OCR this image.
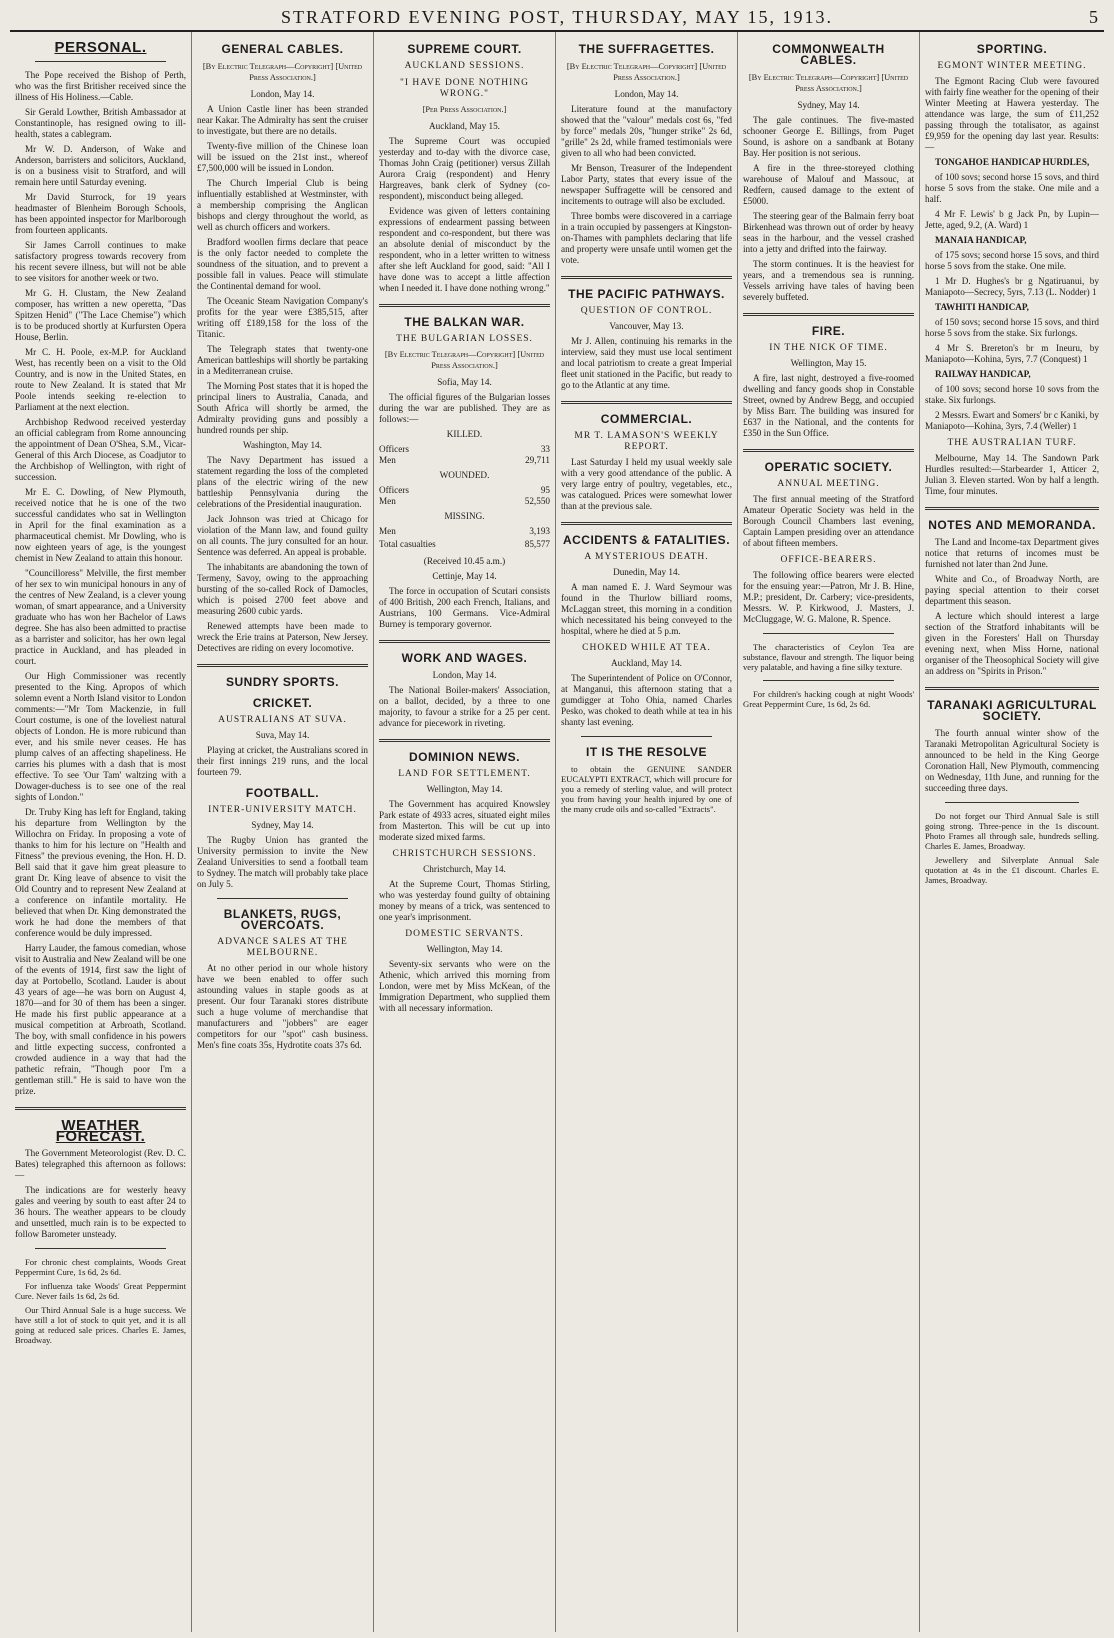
STRATFORD EVENING POST, THURSDAY, MAY 15, 1913.	5
PERSONAL.

The Pope received the Bishop of Perth, who was the first Britisher received since the illness of His Holiness.—Cable.

Sir Gerald Lowther, British Ambassador at Constantinople, has resigned owing to ill-health, states a cablegram.

Mr W. D. Anderson, of Wake and Anderson, barristers and solicitors, Auckland, is on a business visit to Stratford, and will remain here until Saturday evening.

Mr David Sturrock, for 19 years headmaster of Blenheim Borough Schools, has been appointed inspector for Marlborough from fourteen applicants.

Sir James Carroll continues to make satisfactory progress towards recovery from his recent severe illness, but will not be able to see visitors for another week or two.

Mr G. H. Clustam, the New Zealand composer, has written a new operetta, "Das Spitzen Henid" ("The Lace Chemise") which is to be produced shortly at Kurfursten Opera House, Berlin.

Mr C. H. Poole, ex-M.P. for Auckland West, has recently been on a visit to the Old Country, and is now in the United States, en route to New Zealand. It is stated that Mr Poole intends seeking re-election to Parliament at the next election.

Archbishop Redwood received yesterday an official cablegram from Rome announcing the appointment of Dean O'Shea, S.M., Vicar-General of this Arch Diocese, as Coadjutor to the Archbishop of Wellington, with right of succession.

Mr E. C. Dowling, of New Plymouth, received notice that he is one of the two successful candidates who sat in Wellington in April for the final examination as a pharmaceutical chemist. Mr Dowling, who is now eighteen years of age, is the youngest chemist in New Zealand to attain this honour.

"Councilloress" Melville, the first member of her sex to win municipal honours in any of the centres of New Zealand, is a clever young woman, of smart appearance, and a University graduate who has won her Bachelor of Laws degree. She has also been admitted to practise as a barrister and solicitor, has her own legal practice in Auckland, and has pleaded in court.

Our High Commissioner was recently presented to the King. Apropos of which solemn event a North Island visitor to London comments:—"Mr Tom Mackenzie, in full Court costume, is one of the loveliest natural objects of London. He is more rubicund than ever, and his smile never ceases. He has plump calves of an affecting shapeliness. He carries his plumes with a dash that is most effective. To see 'Our Tam' waltzing with a Dowager-duchess is to see one of the real sights of London."

Dr. Truby King has left for England, taking his departure from Wellington by the Willochra on Friday. In proposing a vote of thanks to him for his lecture on "Health and Fitness" the previous evening, the Hon. H. D. Bell said that it gave him great pleasure to grant Dr. King leave of absence to visit the Old Country and to represent New Zealand at a conference on infantile mortality. He believed that when Dr. King demonstrated the work he had done the members of that conference would be duly impressed.

Harry Lauder, the famous comedian, whose visit to Australia and New Zealand will be one of the events of 1914, first saw the light of day at Portobello, Scotland. Lauder is about 43 years of age—he was born on August 4, 1870—and for 30 of them has been a singer. He made his first public appearance at a musical competition at Arbroath, Scotland. The boy, with small confidence in his powers and little expecting success, confronted a crowded audience in a way that had the pathetic refrain, "Though poor I'm a gentleman still." He is said to have won the prize.

WEATHER FORECAST.

The Government Meteorologist (Rev. D. C. Bates) telegraphed this afternoon as follows:—

The indications are for westerly heavy gales and veering by south to east after 24 to 36 hours. The weather appears to be cloudy and unsettled, much rain is to be expected to follow Barometer unsteady.

For chronic chest complaints, Woods Great Peppermint Cure, 1s 6d, 2s 6d.

For influenza take Woods' Great Peppermint Cure. Never fails 1s 6d, 2s 6d.

Our Third Annual Sale is a huge success. We have still a lot of stock to quit yet, and it is all going at reduced sale prices. Charles E. James, Broadway.

GENERAL CABLES.
[By Electric Telegraph—Copyright] [United Press Association.]
London, May 14.

A Union Castle liner has been stranded near Kakar. The Admiralty has sent the cruiser to investigate, but there are no details.

Twenty-five million of the Chinese loan will be issued on the 21st inst., whereof £7,500,000 will be issued in London.

The Church Imperial Club is being influentially established at Westminster, with a membership comprising the Anglican bishops and clergy throughout the world, as well as church officers and workers.

Bradford woollen firms declare that peace is the only factor needed to complete the soundness of the situation, and to prevent a possible fall in values. Peace will stimulate the Continental demand for wool.

The Oceanic Steam Navigation Company's profits for the year were £385,515, after writing off £189,158 for the loss of the Titanic.

The Telegraph states that twenty-one American battleships will shortly be partaking in a Mediterranean cruise.

The Morning Post states that it is hoped the principal liners to Australia, Canada, and South Africa will shortly be armed, the Admiralty providing guns and possibly a hundred rounds per ship.

Washington, May 14.

The Navy Department has issued a statement regarding the loss of the completed plans of the electric wiring of the new battleship Pennsylvania during the celebrations of the Presidential inauguration.

Jack Johnson was tried at Chicago for violation of the Mann law, and found guilty on all counts. The jury consulted for an hour. Sentence was deferred. An appeal is probable.

The inhabitants are abandoning the town of Termeny, Savoy, owing to the approaching bursting of the so-called Rock of Damocles, which is poised 2700 feet above and measuring 2600 cubic yards.

Renewed attempts have been made to wreck the Erie trains at Paterson, New Jersey. Detectives are riding on every locomotive.

SUNDRY SPORTS.
CRICKET.
AUSTRALIANS AT SUVA.
Suva, May 14.

Playing at cricket, the Australians scored in their first innings 219 runs, and the local fourteen 79.

FOOTBALL.
INTER-UNIVERSITY MATCH.
Sydney, May 14.

The Rugby Union has granted the University permission to invite the New Zealand Universities to send a football team to Sydney. The match will probably take place on July 5.

BLANKETS, RUGS, OVERCOATS.
ADVANCE SALES AT THE MELBOURNE.

At no other period in our whole history have we been enabled to offer such astounding values in staple goods as at present. Our four Taranaki stores distribute such a huge volume of merchandise that manufacturers and "jobbers" are eager competitors for our "spot" cash business. Men's fine coats 35s, Hydrotite coats 37s 6d.

SUPREME COURT.
AUCKLAND SESSIONS.
"I HAVE DONE NOTHING WRONG."
[Per Press Association.]
Auckland, May 15.

The Supreme Court was occupied yesterday and to-day with the divorce case, Thomas John Craig (petitioner) versus Zillah Aurora Craig (respondent) and Henry Hargreaves, bank clerk of Sydney (co-respondent), misconduct being alleged.

Evidence was given of letters containing expressions of endearment passing between respondent and co-respondent, but there was an absolute denial of misconduct by the respondent, who in a letter written to witness after she left Auckland for good, said: "All I have done was to accept a little affection when I needed it. I have done nothing wrong."

THE BALKAN WAR.
THE BULGARIAN LOSSES.
[By Electric Telegraph—Copyright] [United Press Association.]
Sofia, May 14.

The official figures of the Bulgarian losses during the war are published. They are as follows:—

KILLED.
Officers	33
Men	29,711
WOUNDED.
Officers	95
Men	52,550
MISSING.
Men	3,193
Total casualties	85,577
(Received 10.45 a.m.)
Cettinje, May 14.

The force in occupation of Scutari consists of 400 British, 200 each French, Italians, and Austrians, 100 Germans. Vice-Admiral Burney is temporary governor.

WORK AND WAGES.
London, May 14.

The National Boiler-makers' Association, on a ballot, decided, by a three to one majority, to favour a strike for a 25 per cent. advance for piecework in riveting.

DOMINION NEWS.
LAND FOR SETTLEMENT.
Wellington, May 14.

The Government has acquired Knowsley Park estate of 4933 acres, situated eight miles from Masterton. This will be cut up into moderate sized mixed farms.

CHRISTCHURCH SESSIONS.
Christchurch, May 14.

At the Supreme Court, Thomas Stirling, who was yesterday found guilty of obtaining money by means of a trick, was sentenced to one year's imprisonment.

DOMESTIC SERVANTS.
Wellington, May 14.

Seventy-six servants who were on the Athenic, which arrived this morning from London, were met by Miss McKean, of the Immigration Department, who supplied them with all necessary information.

THE SUFFRAGETTES.
[By Electric Telegraph—Copyright] [United Press Association.]
London, May 14.

Literature found at the manufactory showed that the "valour" medals cost 6s, "fed by force" medals 20s, "hunger strike" 2s 6d, "grille" 2s 2d, while framed testimonials were given to all who had been convicted.

Mr Benson, Treasurer of the Independent Labor Party, states that every issue of the newspaper Suffragette will be censored and incitements to outrage will also be excluded.

Three bombs were discovered in a carriage in a train occupied by passengers at Kingston-on-Thames with pamphlets declaring that life and property were unsafe until women get the vote.

THE PACIFIC PATHWAYS.
QUESTION OF CONTROL.
Vancouver, May 13.

Mr J. Allen, continuing his remarks in the interview, said they must use local sentiment and local patriotism to create a great Imperial fleet unit stationed in the Pacific, but ready to go to the Atlantic at any time.

COMMERCIAL.
MR T. LAMASON'S WEEKLY REPORT.

Last Saturday I held my usual weekly sale with a very good attendance of the public. A very large entry of poultry, vegetables, etc., was catalogued. Prices were somewhat lower than at the previous sale.

ACCIDENTS & FATALITIES.
A MYSTERIOUS DEATH.
Dunedin, May 14.

A man named E. J. Ward Seymour was found in the Thurlow billiard rooms, McLaggan street, this morning in a condition which necessitated his being conveyed to the hospital, where he died at 5 p.m.

CHOKED WHILE AT TEA.
Auckland, May 14.

The Superintendent of Police on O'Connor, at Manganui, this afternoon stating that a gumdigger at Toho Ohia, named Charles Pesko, was choked to death while at tea in his shanty last evening.

IT IS THE RESOLVE

to obtain the GENUINE SANDER EUCALYPTI EXTRACT, which will procure for you a remedy of sterling value, and will protect you from having your health injured by one of the many crude oils and so-called "Extracts".

COMMONWEALTH CABLES.
[By Electric Telegraph—Copyright] [United Press Association.]
Sydney, May 14.

The gale continues. The five-masted schooner George E. Billings, from Puget Sound, is ashore on a sandbank at Botany Bay. Her position is not serious.

A fire in the three-storeyed clothing warehouse of Malouf and Massouc, at Redfern, caused damage to the extent of £5000.

The steering gear of the Balmain ferry boat Birkenhead was thrown out of order by heavy seas in the harbour, and the vessel crashed into a jetty and drifted into the fairway.

The storm continues. It is the heaviest for years, and a tremendous sea is running. Vessels arriving have tales of having been severely buffeted.

FIRE.
IN THE NICK OF TIME.
Wellington, May 15.

A fire, last night, destroyed a five-roomed dwelling and fancy goods shop in Constable Street, owned by Andrew Begg, and occupied by Miss Barr. The building was insured for £637 in the National, and the contents for £350 in the Sun Office.

OPERATIC SOCIETY.
ANNUAL MEETING.

The first annual meeting of the Stratford Amateur Operatic Society was held in the Borough Council Chambers last evening, Captain Lampen presiding over an attendance of about fifteen members.

OFFICE-BEARERS.

The following office bearers were elected for the ensuing year:—Patron, Mr J. B. Hine, M.P.; president, Dr. Carbery; vice-presidents, Messrs. W. P. Kirkwood, J. Masters, J. McCluggage, W. G. Malone, R. Spence.

The characteristics of Ceylon Tea are substance, flavour and strength. The liquor being very palatable, and having a fine silky texture.

For children's hacking cough at night Woods' Great Peppermint Cure, 1s 6d, 2s 6d.

SPORTING.
EGMONT WINTER MEETING.

The Egmont Racing Club were favoured with fairly fine weather for the opening of their Winter Meeting at Hawera yesterday. The attendance was large, the sum of £11,252 passing through the totalisator, as against £9,959 for the opening day last year. Results:—

TONGAHOE HANDICAP HURDLES,

of 100 sovs; second horse 15 sovs, and third horse 5 sovs from the stake. One mile and a half.

4 Mr F. Lewis' b g Jack Pn, by Lupin—Jette, aged, 9.2, (A. Ward) 1

MANAIA HANDICAP,

of 175 sovs; second horse 15 sovs, and third horse 5 sovs from the stake. One mile.

1 Mr D. Hughes's br g Ngatiruanui, by Maniapoto—Secrecy, 5yrs, 7.13 (L. Nodder) 1

TAWHITI HANDICAP,

of 150 sovs; second horse 15 sovs, and third horse 5 sovs from the stake. Six furlongs.

4 Mr S. Brereton's br m Ineuru, by Maniapoto—Kohina, 5yrs, 7.7 (Conquest) 1

RAILWAY HANDICAP,

of 100 sovs; second horse 10 sovs from the stake. Six furlongs.

2 Messrs. Ewart and Somers' br c Kaniki, by Maniapoto—Kohina, 3yrs, 7.4 (Weller) 1

THE AUSTRALIAN TURF.

Melbourne, May 14. The Sandown Park Hurdles resulted:—Starbearder 1, Atticer 2, Julian 3. Eleven started. Won by half a length. Time, four minutes.

NOTES AND MEMORANDA.

The Land and Income-tax Department gives notice that returns of incomes must be furnished not later than 2nd June.

White and Co., of Broadway North, are paying special attention to their corset department this season.

A lecture which should interest a large section of the Stratford inhabitants will be given in the Foresters' Hall on Thursday evening next, when Miss Horne, national organiser of the Theosophical Society will give an address on "Spirits in Prison."

TARANAKI AGRICULTURAL SOCIETY.

The fourth annual winter show of the Taranaki Metropolitan Agricultural Society is announced to be held in the King George Coronation Hall, New Plymouth, commencing on Wednesday, 11th June, and running for the succeeding three days.

Do not forget our Third Annual Sale is still going strong. Three-pence in the 1s discount. Photo Frames all through sale, hundreds selling. Charles E. James, Broadway.

Jewellery and Silverplate Annual Sale quotation at 4s in the £1 discount. Charles E. James, Broadway.
